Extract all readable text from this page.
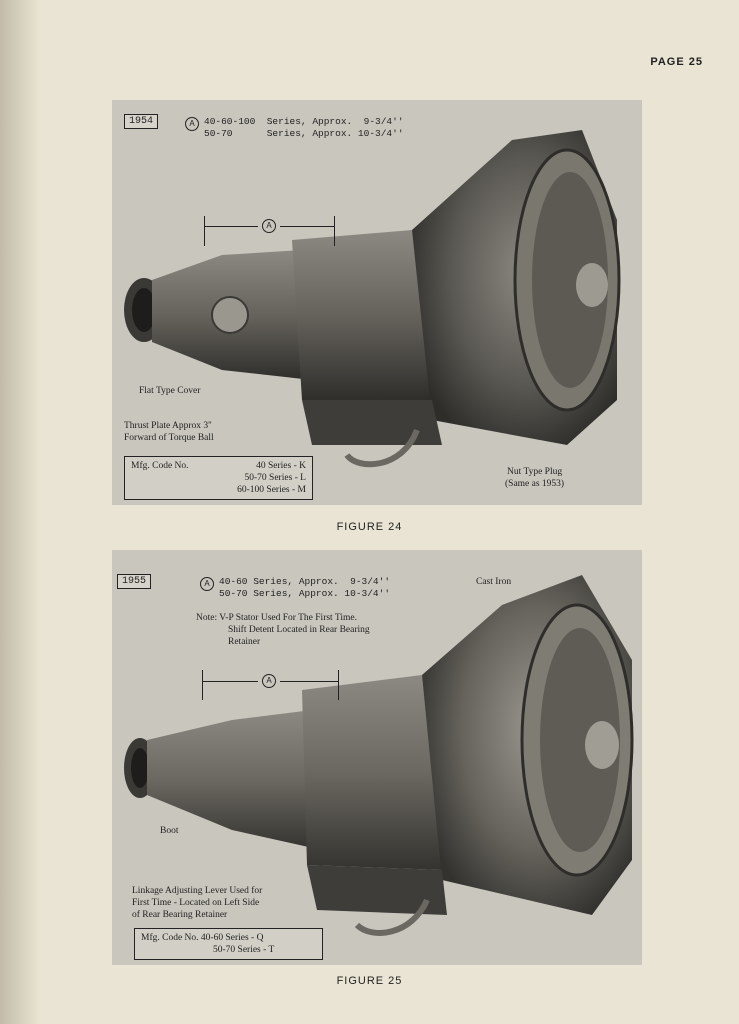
PAGE 25
1954	A 40-60-100  Series, Approx.  9-3/4''
50-70      Series, Approx. 10-3/4''
A
Flat Type Cover
Thrust Plate Approx 3''
Forward of Torque Ball
Nut Type Plug
(Same as 1953)
Mfg. Code No.	40 Series - K
50-70 Series - L
60-100 Series - M
FIGURE 24
1955	A 40-60 Series, Approx.  9-3/4''
50-70 Series, Approx. 10-3/4''
Note: V-P Stator Used For The First Time.
Shift Detent Located in Rear Bearing
Retainer
Cast Iron
A
Boot
Linkage Adjusting Lever Used for
First Time - Located on Left Side
of Rear Bearing Retainer
Mfg. Code No. 40-60 Series - Q
50-70 Series - T
FIGURE 25
